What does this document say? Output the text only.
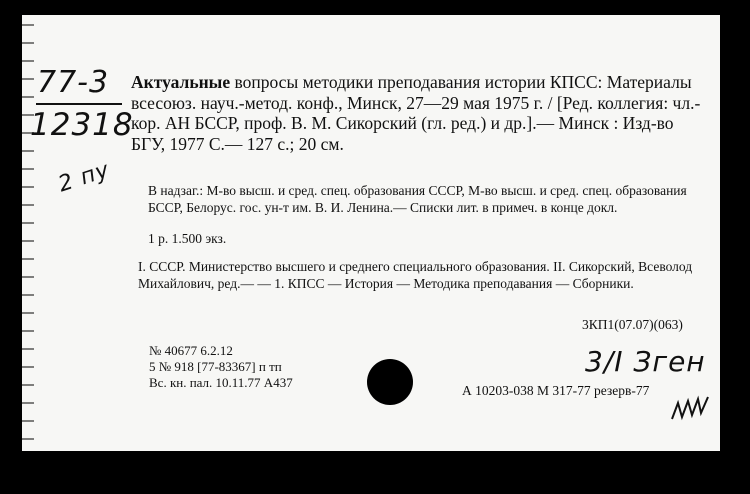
77-3
12318
2 пу
Актуальные вопросы методики преподавания истории КПСС: Материалы всесоюз. науч.-метод. конф., Минск, 27—29 мая 1975 г. / [Ред. коллегия: чл.-кор. АН БССР, проф. В. М. Сикорский (гл. ред.) и др.].— Минск : Изд-во БГУ, 1977 С.— 127 с.; 20 см.
В надзаг.: М-во высш. и сред. спец. образования СССР, М-во высш. и сред. спец. образования БССР, Белорус. гос. ун-т им. В. И. Ленина.— Списки лит. в примеч. в конце докл.
1 р. 1.500 экз.
I. СССР. Министерство высшего и среднего специального образования. II. Сикорский, Всеволод Михайлович, ред.— — 1. КПСС — История — Методика преподавания — Сборники.
3КП1(07.07)(063)
№ 40677 6.2.12
5 № 918 [77-83367] п тп
Вс. кн. пал. 10.11.77 А437
3/I Зген
А 10203-038 М 317-77 резерв-77
